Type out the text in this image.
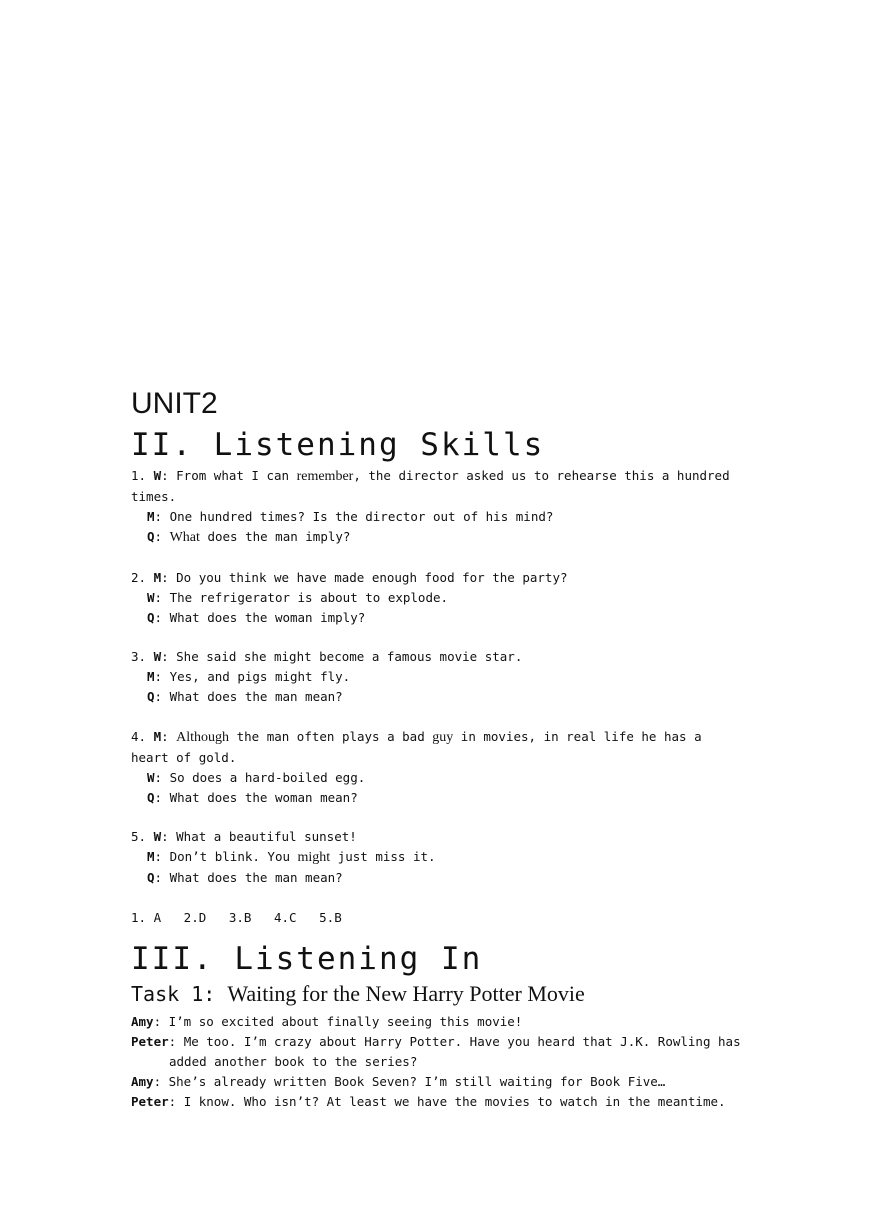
UNIT2
II. Listening Skills
1. W: From what I can remember, the director asked us to rehearse this a hundred times.
M: One hundred times? Is the director out of his mind?
Q: What does the man imply?
2. M: Do you think we have made enough food for the party?
W: The refrigerator is about to explode.
Q: What does the woman imply?
3. W: She said she might become a famous movie star.
M: Yes, and pigs might fly.
Q: What does the man mean?
4. M: Although the man often plays a bad guy in movies, in real life he has a heart of gold.
W: So does a hard-boiled egg.
Q: What does the woman mean?
5. W: What a beautiful sunset!
M: Don’t blink. You might just miss it.
Q: What does the man mean?
1. A   2.D   3.B   4.C   5.B
III. Listening In
Task 1: Waiting for the New Harry Potter Movie
Amy: I’m so excited about finally seeing this movie!
Peter: Me too. I’m crazy about Harry Potter. Have you heard that J.K. Rowling has added another book to the series?
Amy: She’s already written Book Seven? I’m still waiting for Book Five…
Peter: I know. Who isn’t? At least we have the movies to watch in the meantime.
